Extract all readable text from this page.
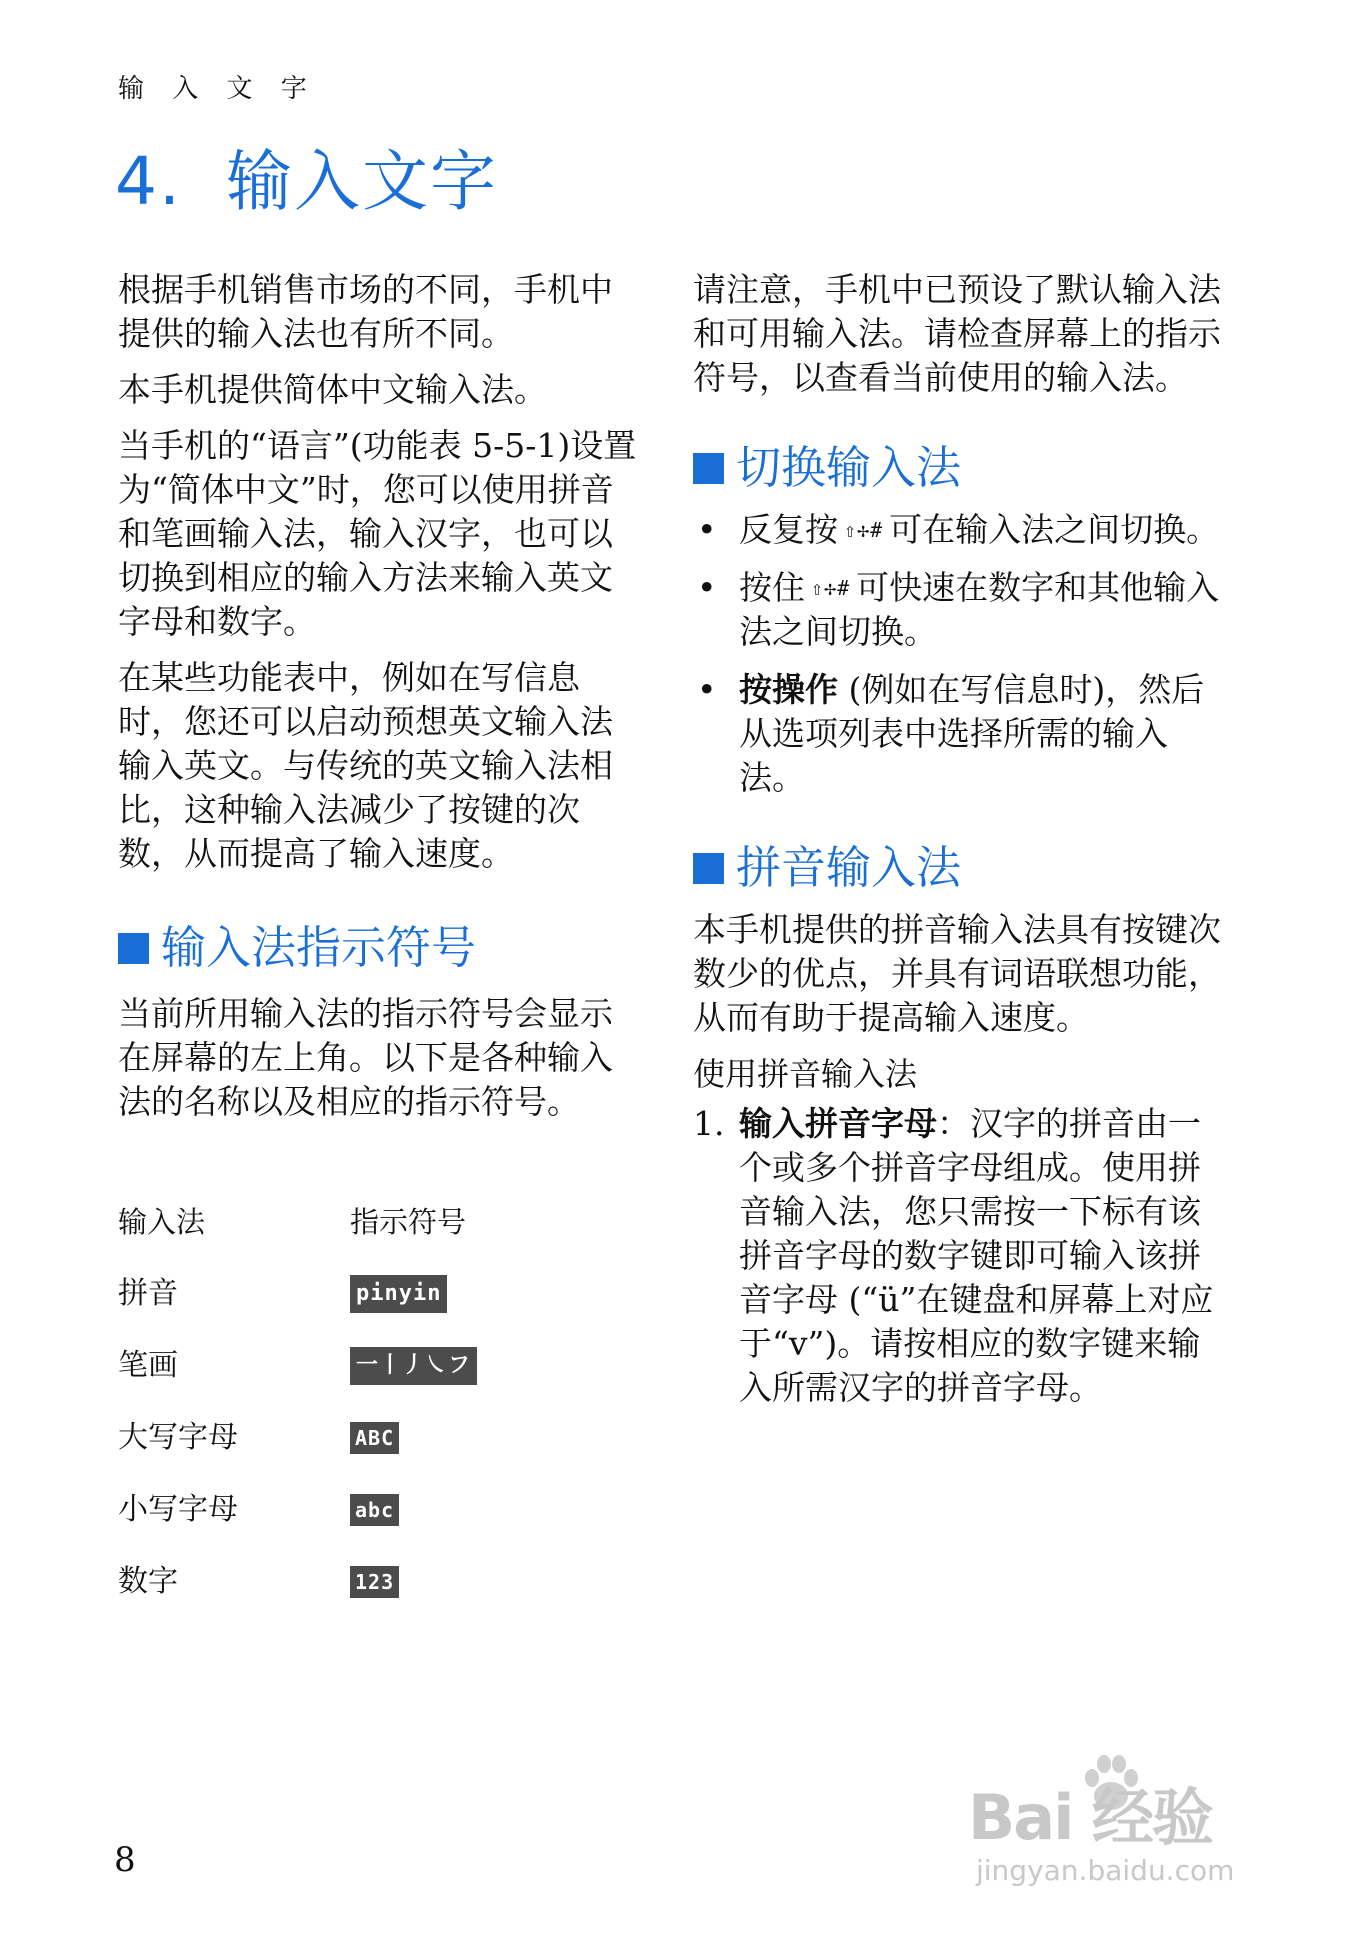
输 入 文 字
4. 输入文字

根据手机销售市场的不同，手机中提供的输入法也有所不同。

本手机提供简体中文输入法。

当手机的“语言”(功能表 5-5-1)设置为“简体中文”时，您可以使用拼音和笔画输入法，输入汉字，也可以切换到相应的输入方法来输入英文字母和数字。

在某些功能表中，例如在写信息时，您还可以启动预想英文输入法输入英文。与传统的英文输入法相比，这种输入法减少了按键的次数，从而提高了输入速度。

输入法指示符号

当前所用输入法的指示符号会显示在屏幕的左上角。以下是各种输入法的名称以及相应的指示符号。

输入法	指示符号
拼音	pinyin
笔画	一丨丿㇏フ
大写字母	ABC
小写字母	abc
数字	123

请注意，手机中已预设了默认输入法和可用输入法。请检查屏幕上的指示符号，以查看当前使用的输入法。

切换输入法
• 反复按 ⇧✢# 可在输入法之间切换。
• 按住 ⇧✢# 可快速在数字和其他输入法之间切换。
• 按操作 (例如在写信息时)，然后从选项列表中选择所需的输入法。
拼音输入法

本手机提供的拼音输入法具有按键次数少的优点，并具有词语联想功能，从而有助于提高输入速度。

使用拼音输入法
1. 输入拼音字母：汉字的拼音由一个或多个拼音字母组成。使用拼音输入法，您只需按一下标有该拼音字母的数字键即可输入该拼音字母 (“ü”在键盘和屏幕上对应于“v”)。请按相应的数字键来输入所需汉字的拼音字母。
8
Bai 经验
jingyan.baidu.com
